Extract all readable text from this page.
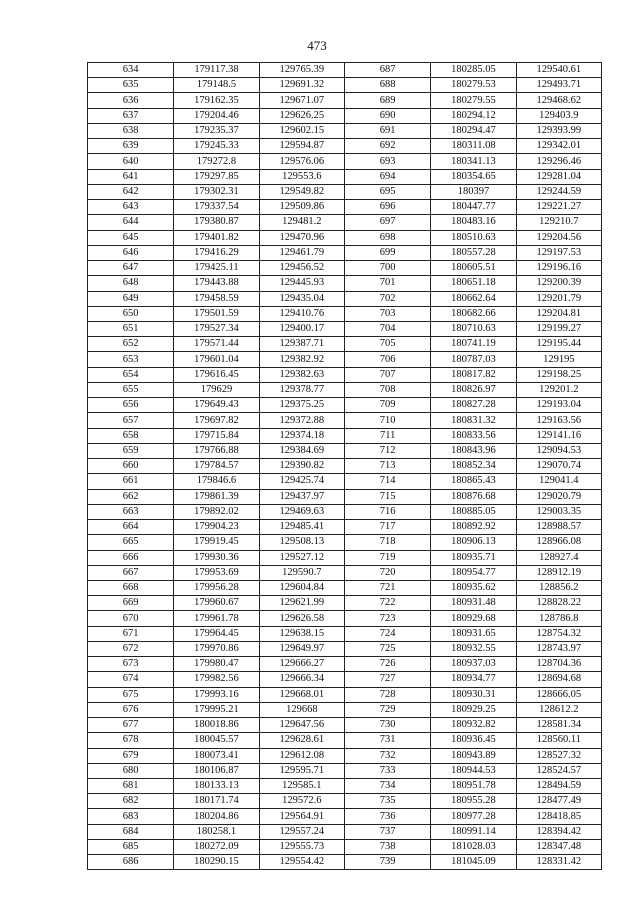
473
634	179117.38	129765.39	687	180285.05	129540.61
635	179148.5	129691.32	688	180279.53	129493.71
636	179162.35	129671.07	689	180279.55	129468.62
637	179204.46	129626.25	690	180294.12	129403.9
638	179235.37	129602.15	691	180294.47	129393.99
639	179245.33	129594.87	692	180311.08	129342.01
640	179272.8	129576.06	693	180341.13	129296.46
641	179297.85	129553.6	694	180354.65	129281.04
642	179302.31	129549.82	695	180397	129244.59
643	179337.54	129509.86	696	180447.77	129221.27
644	179380.87	129481.2	697	180483.16	129210.7
645	179401.82	129470.96	698	180510.63	129204.56
646	179416.29	129461.79	699	180557.28	129197.53
647	179425.11	129456.52	700	180605.51	129196.16
648	179443.88	129445.93	701	180651.18	129200.39
649	179458.59	129435.04	702	180662.64	129201.79
650	179501.59	129410.76	703	180682.66	129204.81
651	179527.34	129400.17	704	180710.63	129199.27
652	179571.44	129387.71	705	180741.19	129195.44
653	179601.04	129382.92	706	180787.03	129195
654	179616.45	129382.63	707	180817.82	129198.25
655	179629	129378.77	708	180826.97	129201.2
656	179649.43	129375.25	709	180827.28	129193.04
657	179697.82	129372.88	710	180831.32	129163.56
658	179715.84	129374.18	711	180833.56	129141.16
659	179766.88	129384.69	712	180843.96	129094.53
660	179784.57	129390.82	713	180852.34	129070.74
661	179846.6	129425.74	714	180865.43	129041.4
662	179861.39	129437.97	715	180876.68	129020.79
663	179892.02	129469.63	716	180885.05	129003.35
664	179904.23	129485.41	717	180892.92	128988.57
665	179919.45	129508.13	718	180906.13	128966.08
666	179930.36	129527.12	719	180935.71	128927.4
667	179953.69	129590.7	720	180954.77	128912.19
668	179956.28	129604.84	721	180935.62	128856.2
669	179960.67	129621.99	722	180931.48	128828.22
670	179961.78	129626.58	723	180929.68	128786.8
671	179964.45	129638.15	724	180931.65	128754.32
672	179970.86	129649.97	725	180932.55	128743.97
673	179980.47	129666.27	726	180937.03	128704.36
674	179982.56	129666.34	727	180934.77	128694.68
675	179993.16	129668.01	728	180930.31	128666.05
676	179995.21	129668	729	180929.25	128612.2
677	180018.86	129647.56	730	180932.82	128581.34
678	180045.57	129628.61	731	180936.45	128560.11
679	180073.41	129612.08	732	180943.89	128527.32
680	180106.87	129595.71	733	180944.53	128524.57
681	180133.13	129585.1	734	180951.78	128494.59
682	180171.74	129572.6	735	180955.28	128477.49
683	180204.86	129564.91	736	180977.28	128418.85
684	180258.1	129557.24	737	180991.14	128394.42
685	180272.09	129555.73	738	181028.03	128347.48
686	180290.15	129554.42	739	181045.09	128331.42
